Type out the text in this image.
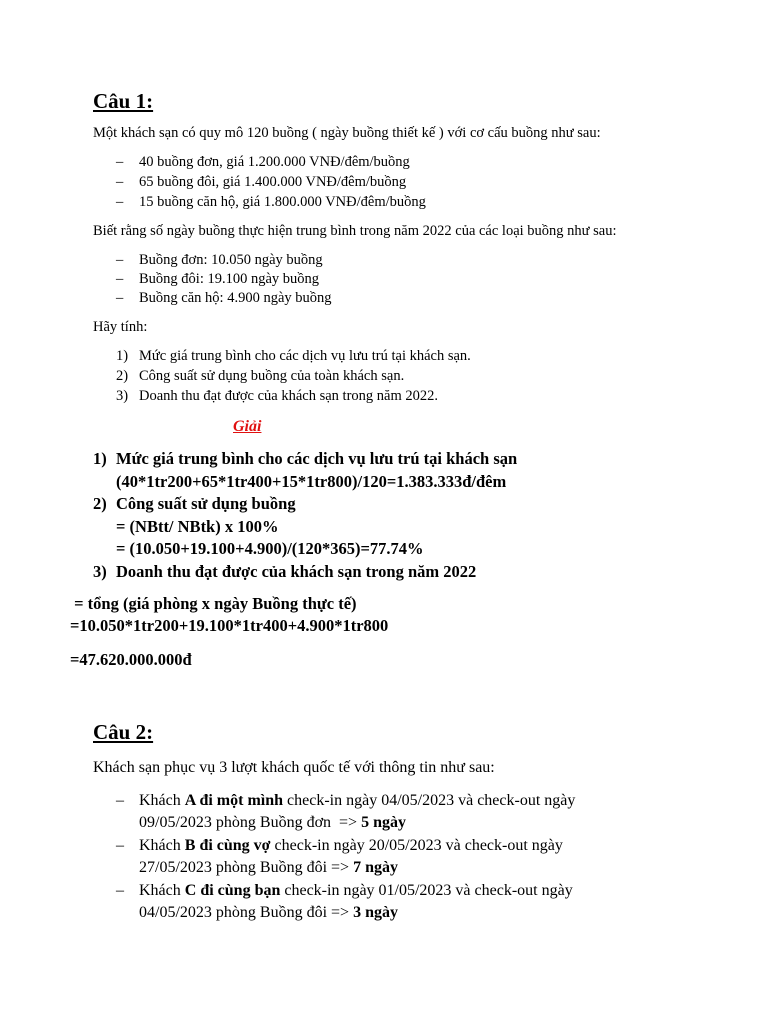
Câu 1:
Một khách sạn có quy mô 120 buồng ( ngày buồng thiết kế ) với cơ cấu buồng như sau:
– 40 buồng đơn, giá 1.200.000 VNĐ/đêm/buồng
– 65 buồng đôi, giá 1.400.000 VNĐ/đêm/buồng
– 15 buồng căn hộ, giá 1.800.000 VNĐ/đêm/buồng
Biết rằng số ngày buồng thực hiện trung bình trong năm 2022 của các loại buồng như sau:
– Buồng đơn: 10.050 ngày buồng
– Buồng đôi: 19.100 ngày buồng
– Buồng căn hộ: 4.900 ngày buồng
Hãy tính:
1) Mức giá trung bình cho các dịch vụ lưu trú tại khách sạn.
2) Công suất sử dụng buồng của toàn khách sạn.
3) Doanh thu đạt được của khách sạn trong năm 2022.
Giải
1) Mức giá trung bình cho các dịch vụ lưu trú tại khách sạn
(40*1tr200+65*1tr400+15*1tr800)/120=1.383.333đ/đêm
2) Công suất sử dụng buồng
= (NBtt/ NBtk) x 100%
= (10.050+19.100+4.900)/(120*365)=77.74%
3) Doanh thu đạt được của khách sạn trong năm 2022
= tổng (giá phòng x ngày Buồng thực tế)
=10.050*1tr200+19.100*1tr400+4.900*1tr800
=47.620.000.000đ
Câu 2:
Khách sạn phục vụ 3 lượt khách quốc tế với thông tin như sau:
– Khách A đi một mình check-in ngày 04/05/2023 và check-out ngày
09/05/2023 phòng Buồng đơn  => 5 ngày
– Khách B đi cùng vợ check-in ngày 20/05/2023 và check-out ngày
27/05/2023 phòng Buồng đôi => 7 ngày
– Khách C đi cùng bạn check-in ngày 01/05/2023 và check-out ngày
04/05/2023 phòng Buồng đôi => 3 ngày
